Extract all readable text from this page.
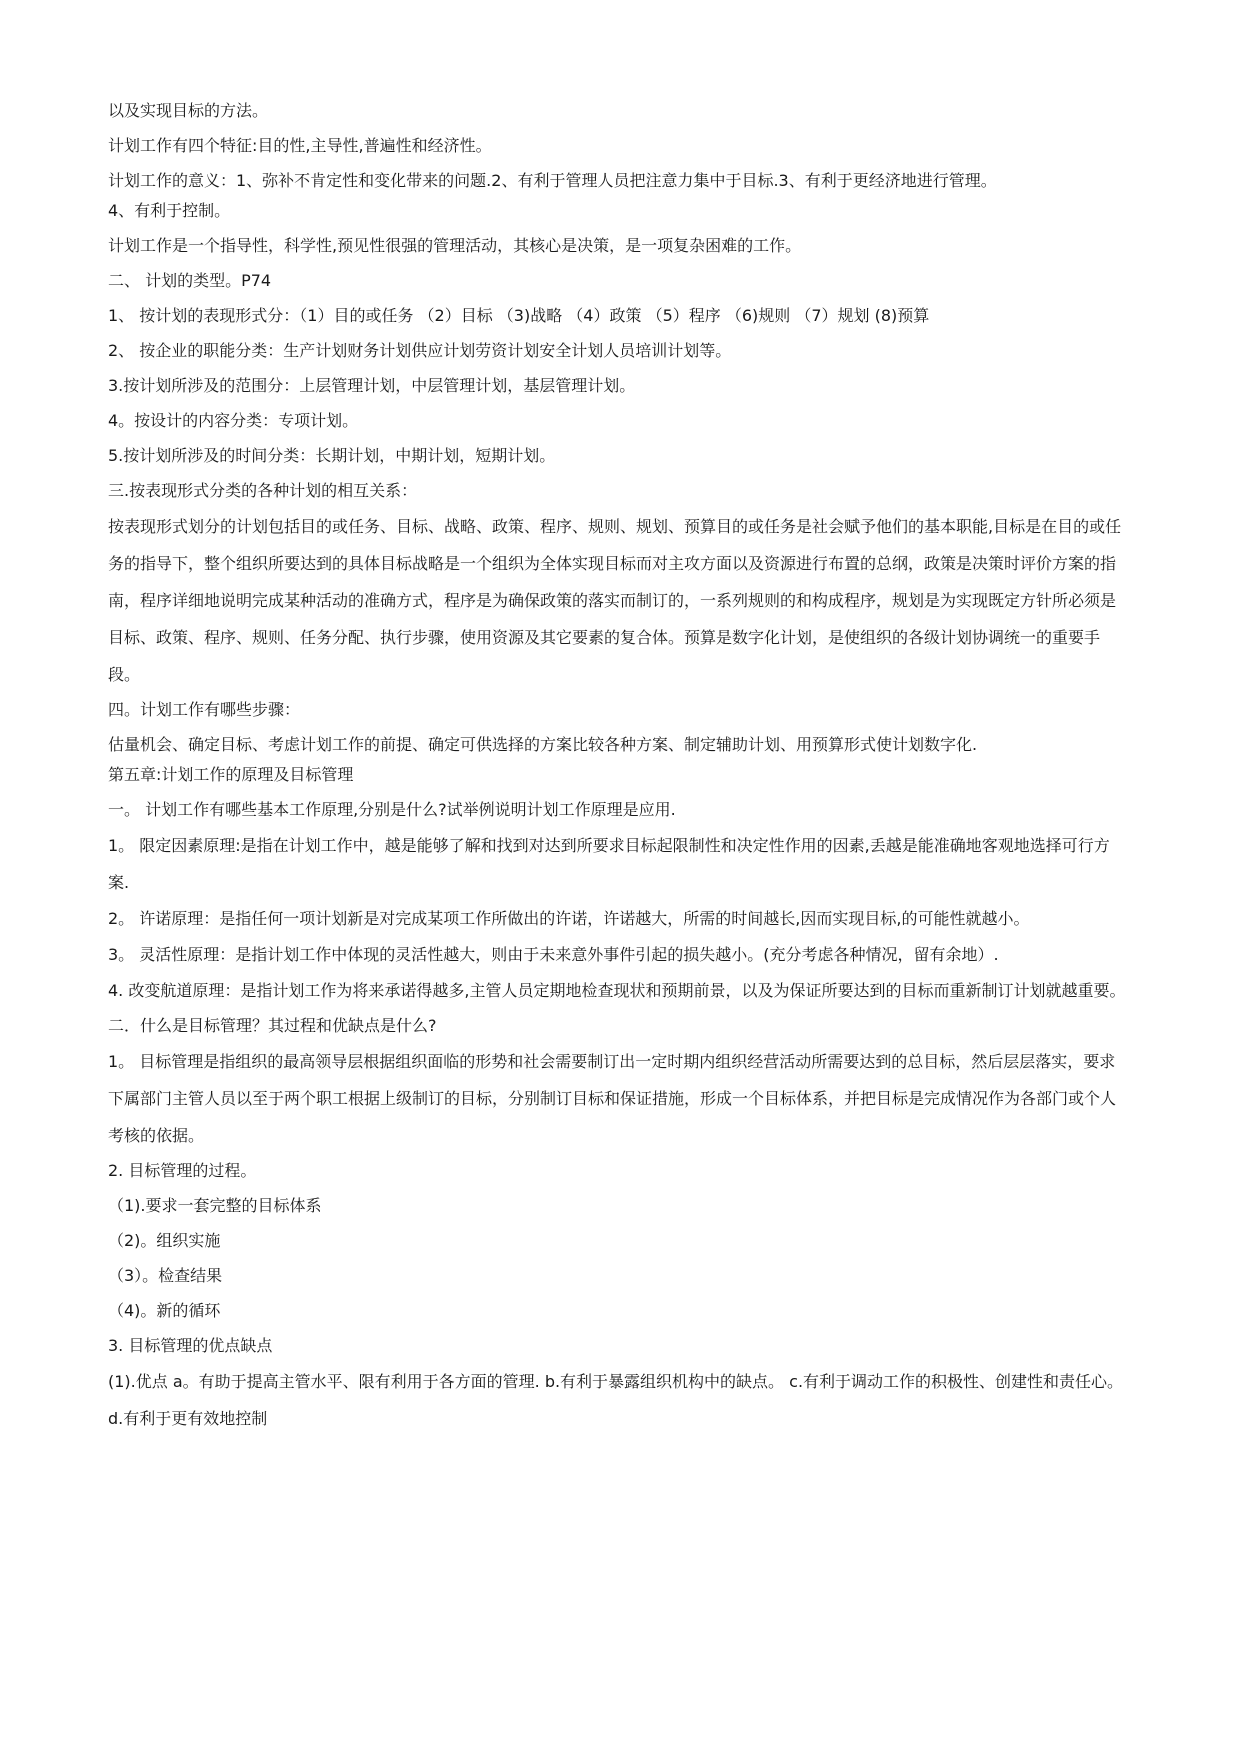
以及实现目标的方法。

计划工作有四个特征:目的性,主导性,普遍性和经济性。

计划工作的意义：1、弥补不肯定性和变化带来的问题.2、有利于管理人员把注意力集中于目标.3、有利于更经济地进行管理。

4、有利于控制。

计划工作是一个指导性，科学性,预见性很强的管理活动，其核心是决策，是一项复杂困难的工作。

二、 计划的类型。P74

1、 按计划的表现形式分：（1）目的或任务 （2）目标 （3)战略 （4）政策 （5）程序 （6)规则 （7）规划 (8)预算

2、 按企业的职能分类：生产计划财务计划供应计划劳资计划安全计划人员培训计划等。

3.按计划所涉及的范围分：上层管理计划，中层管理计划，基层管理计划。

4。按设计的内容分类：专项计划。

5.按计划所涉及的时间分类：长期计划，中期计划，短期计划。

三.按表现形式分类的各种计划的相互关系：

按表现形式划分的计划包括目的或任务、目标、战略、政策、程序、规则、规划、预算目的或任务是社会赋予他们的基本职能,目标是在目的或任务的指导下，整个组织所要达到的具体目标战略是一个组织为全体实现目标而对主攻方面以及资源进行布置的总纲，政策是决策时评价方案的指南，程序详细地说明完成某种活动的准确方式，程序是为确保政策的落实而制订的，一系列规则的和构成程序，规划是为实现既定方针所必须是目标、政策、程序、规则、任务分配、执行步骤，使用资源及其它要素的复合体。预算是数字化计划，是使组织的各级计划协调统一的重要手段。

四。计划工作有哪些步骤：

估量机会、确定目标、考虑计划工作的前提、确定可供选择的方案比较各种方案、制定辅助计划、用预算形式使计划数字化.

第五章:计划工作的原理及目标管理

一。 计划工作有哪些基本工作原理,分别是什么?试举例说明计划工作原理是应用.

1。 限定因素原理:是指在计划工作中，越是能够了解和找到对达到所要求目标起限制性和决定性作用的因素,丢越是能准确地客观地选择可行方案.

2。 许诺原理：是指任何一项计划新是对完成某项工作所做出的许诺，许诺越大，所需的时间越长,因而实现目标,的可能性就越小。

3。 灵活性原理：是指计划工作中体现的灵活性越大，则由于未来意外事件引起的损失越小。(充分考虑各种情况，留有余地）.

4. 改变航道原理：是指计划工作为将来承诺得越多,主管人员定期地检查现状和预期前景，以及为保证所要达到的目标而重新制订计划就越重要。

二．什么是目标管理？其过程和优缺点是什么?

1。 目标管理是指组织的最高领导层根据组织面临的形势和社会需要制订出一定时期内组织经营活动所需要达到的总目标，然后层层落实，要求下属部门主管人员以至于两个职工根据上级制订的目标，分别制订目标和保证措施，形成一个目标体系，并把目标是完成情况作为各部门或个人考核的依据。

2. 目标管理的过程。

（1).要求一套完整的目标体系

（2)。组织实施

（3）。检查结果

（4)。新的循环

3. 目标管理的优点缺点

(1).优点 a。有助于提高主管水平、限有利用于各方面的管理. b.有利于暴露组织机构中的缺点。 c.有利于调动工作的积极性、创建性和责任心。d.有利于更有效地控制
